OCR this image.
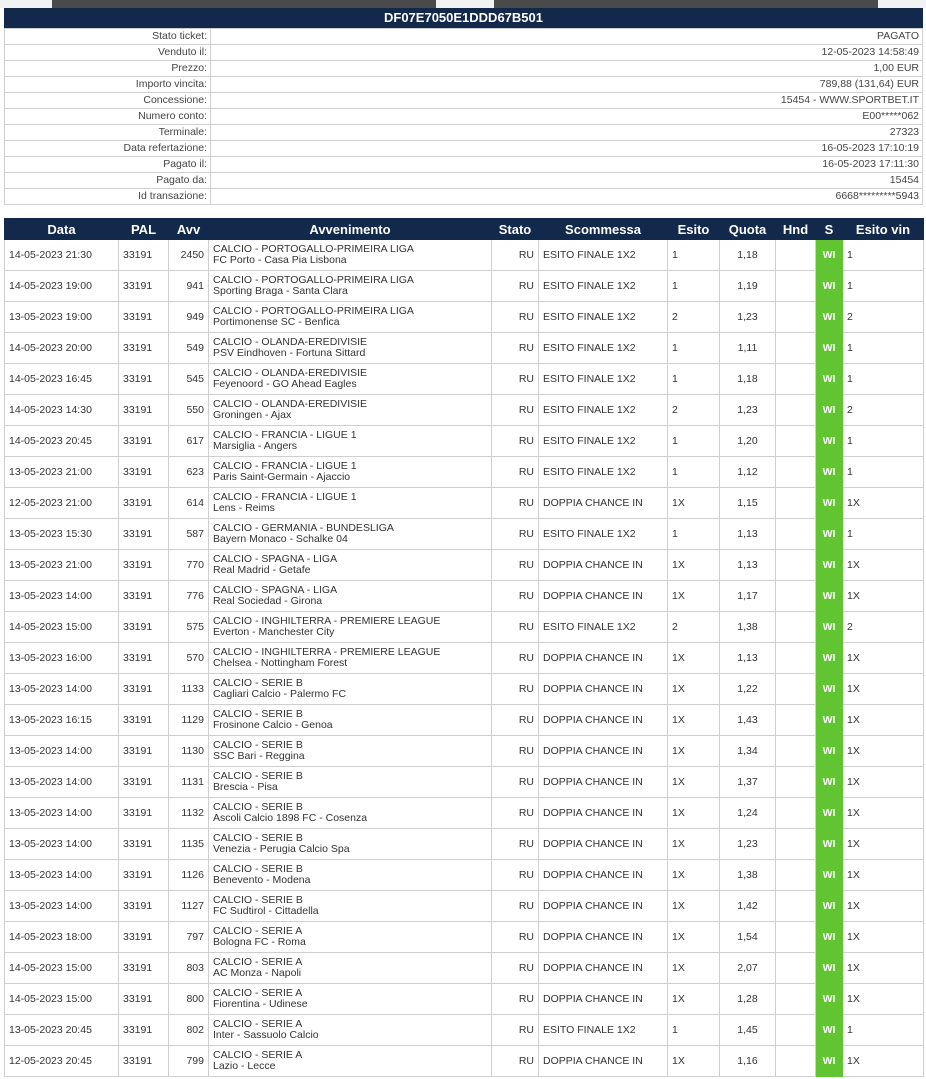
DF07E7050E1DDD67B501
Stato ticket:	PAGATO
Venduto il:	12-05-2023 14:58:49
Prezzo:	1,00 EUR
Importo vincita:	789,88 (131,64) EUR
Concessione:	15454 - WWW.SPORTBET.IT
Numero conto:	E00*****062
Terminale:	27323
Data refertazione:	16-05-2023 17:10:19
Pagato il:	16-05-2023 17:11:30
Pagato da:	15454
Id transazione:	6668*********5943
Data	PAL	Avv	Avvenimento	Stato	Scommessa	Esito	Quota	Hnd	S	Esito vin
14-05-2023 21:30	33191	2450	CALCIO - PORTOGALLO-PRIMEIRA LIGA
FC Porto - Casa Pia Lisbona	RU	ESITO FINALE 1X2	1	1,18		WI	1
14-05-2023 19:00	33191	941	CALCIO - PORTOGALLO-PRIMEIRA LIGA
Sporting Braga - Santa Clara	RU	ESITO FINALE 1X2	1	1,19		WI	1
13-05-2023 19:00	33191	949	CALCIO - PORTOGALLO-PRIMEIRA LIGA
Portimonense SC - Benfica	RU	ESITO FINALE 1X2	2	1,23		WI	2
14-05-2023 20:00	33191	549	CALCIO - OLANDA-EREDIVISIE
PSV Eindhoven - Fortuna Sittard	RU	ESITO FINALE 1X2	1	1,11		WI	1
14-05-2023 16:45	33191	545	CALCIO - OLANDA-EREDIVISIE
Feyenoord - GO Ahead Eagles	RU	ESITO FINALE 1X2	1	1,18		WI	1
14-05-2023 14:30	33191	550	CALCIO - OLANDA-EREDIVISIE
Groningen - Ajax	RU	ESITO FINALE 1X2	2	1,23		WI	2
14-05-2023 20:45	33191	617	CALCIO - FRANCIA - LIGUE 1
Marsiglia - Angers	RU	ESITO FINALE 1X2	1	1,20		WI	1
13-05-2023 21:00	33191	623	CALCIO - FRANCIA - LIGUE 1
Paris Saint-Germain - Ajaccio	RU	ESITO FINALE 1X2	1	1,12		WI	1
12-05-2023 21:00	33191	614	CALCIO - FRANCIA - LIGUE 1
Lens - Reims	RU	DOPPIA CHANCE IN	1X	1,15		WI	1X
13-05-2023 15:30	33191	587	CALCIO - GERMANIA - BUNDESLIGA
Bayern Monaco - Schalke 04	RU	ESITO FINALE 1X2	1	1,13		WI	1
13-05-2023 21:00	33191	770	CALCIO - SPAGNA - LIGA
Real Madrid - Getafe	RU	DOPPIA CHANCE IN	1X	1,13		WI	1X
13-05-2023 14:00	33191	776	CALCIO - SPAGNA - LIGA
Real Sociedad - Girona	RU	DOPPIA CHANCE IN	1X	1,17		WI	1X
14-05-2023 15:00	33191	575	CALCIO - INGHILTERRA - PREMIERE LEAGUE
Everton - Manchester City	RU	ESITO FINALE 1X2	2	1,38		WI	2
13-05-2023 16:00	33191	570	CALCIO - INGHILTERRA - PREMIERE LEAGUE
Chelsea - Nottingham Forest	RU	DOPPIA CHANCE IN	1X	1,13		WI	1X
13-05-2023 14:00	33191	1133	CALCIO - SERIE B
Cagliari Calcio - Palermo FC	RU	DOPPIA CHANCE IN	1X	1,22		WI	1X
13-05-2023 16:15	33191	1129	CALCIO - SERIE B
Frosinone Calcio - Genoa	RU	DOPPIA CHANCE IN	1X	1,43		WI	1X
13-05-2023 14:00	33191	1130	CALCIO - SERIE B
SSC Bari - Reggina	RU	DOPPIA CHANCE IN	1X	1,34		WI	1X
13-05-2023 14:00	33191	1131	CALCIO - SERIE B
Brescia - Pisa	RU	DOPPIA CHANCE IN	1X	1,37		WI	1X
13-05-2023 14:00	33191	1132	CALCIO - SERIE B
Ascoli Calcio 1898 FC - Cosenza	RU	DOPPIA CHANCE IN	1X	1,24		WI	1X
13-05-2023 14:00	33191	1135	CALCIO - SERIE B
Venezia - Perugia Calcio Spa	RU	DOPPIA CHANCE IN	1X	1,23		WI	1X
13-05-2023 14:00	33191	1126	CALCIO - SERIE B
Benevento - Modena	RU	DOPPIA CHANCE IN	1X	1,38		WI	1X
13-05-2023 14:00	33191	1127	CALCIO - SERIE B
FC Sudtirol - Cittadella	RU	DOPPIA CHANCE IN	1X	1,42		WI	1X
14-05-2023 18:00	33191	797	CALCIO - SERIE A
Bologna FC - Roma	RU	DOPPIA CHANCE IN	1X	1,54		WI	1X
14-05-2023 15:00	33191	803	CALCIO - SERIE A
AC Monza - Napoli	RU	DOPPIA CHANCE IN	1X	2,07		WI	1X
14-05-2023 15:00	33191	800	CALCIO - SERIE A
Fiorentina - Udinese	RU	DOPPIA CHANCE IN	1X	1,28		WI	1X
13-05-2023 20:45	33191	802	CALCIO - SERIE A
Inter - Sassuolo Calcio	RU	ESITO FINALE 1X2	1	1,45		WI	1
12-05-2023 20:45	33191	799	CALCIO - SERIE A
Lazio - Lecce	RU	DOPPIA CHANCE IN	1X	1,16		WI	1X
